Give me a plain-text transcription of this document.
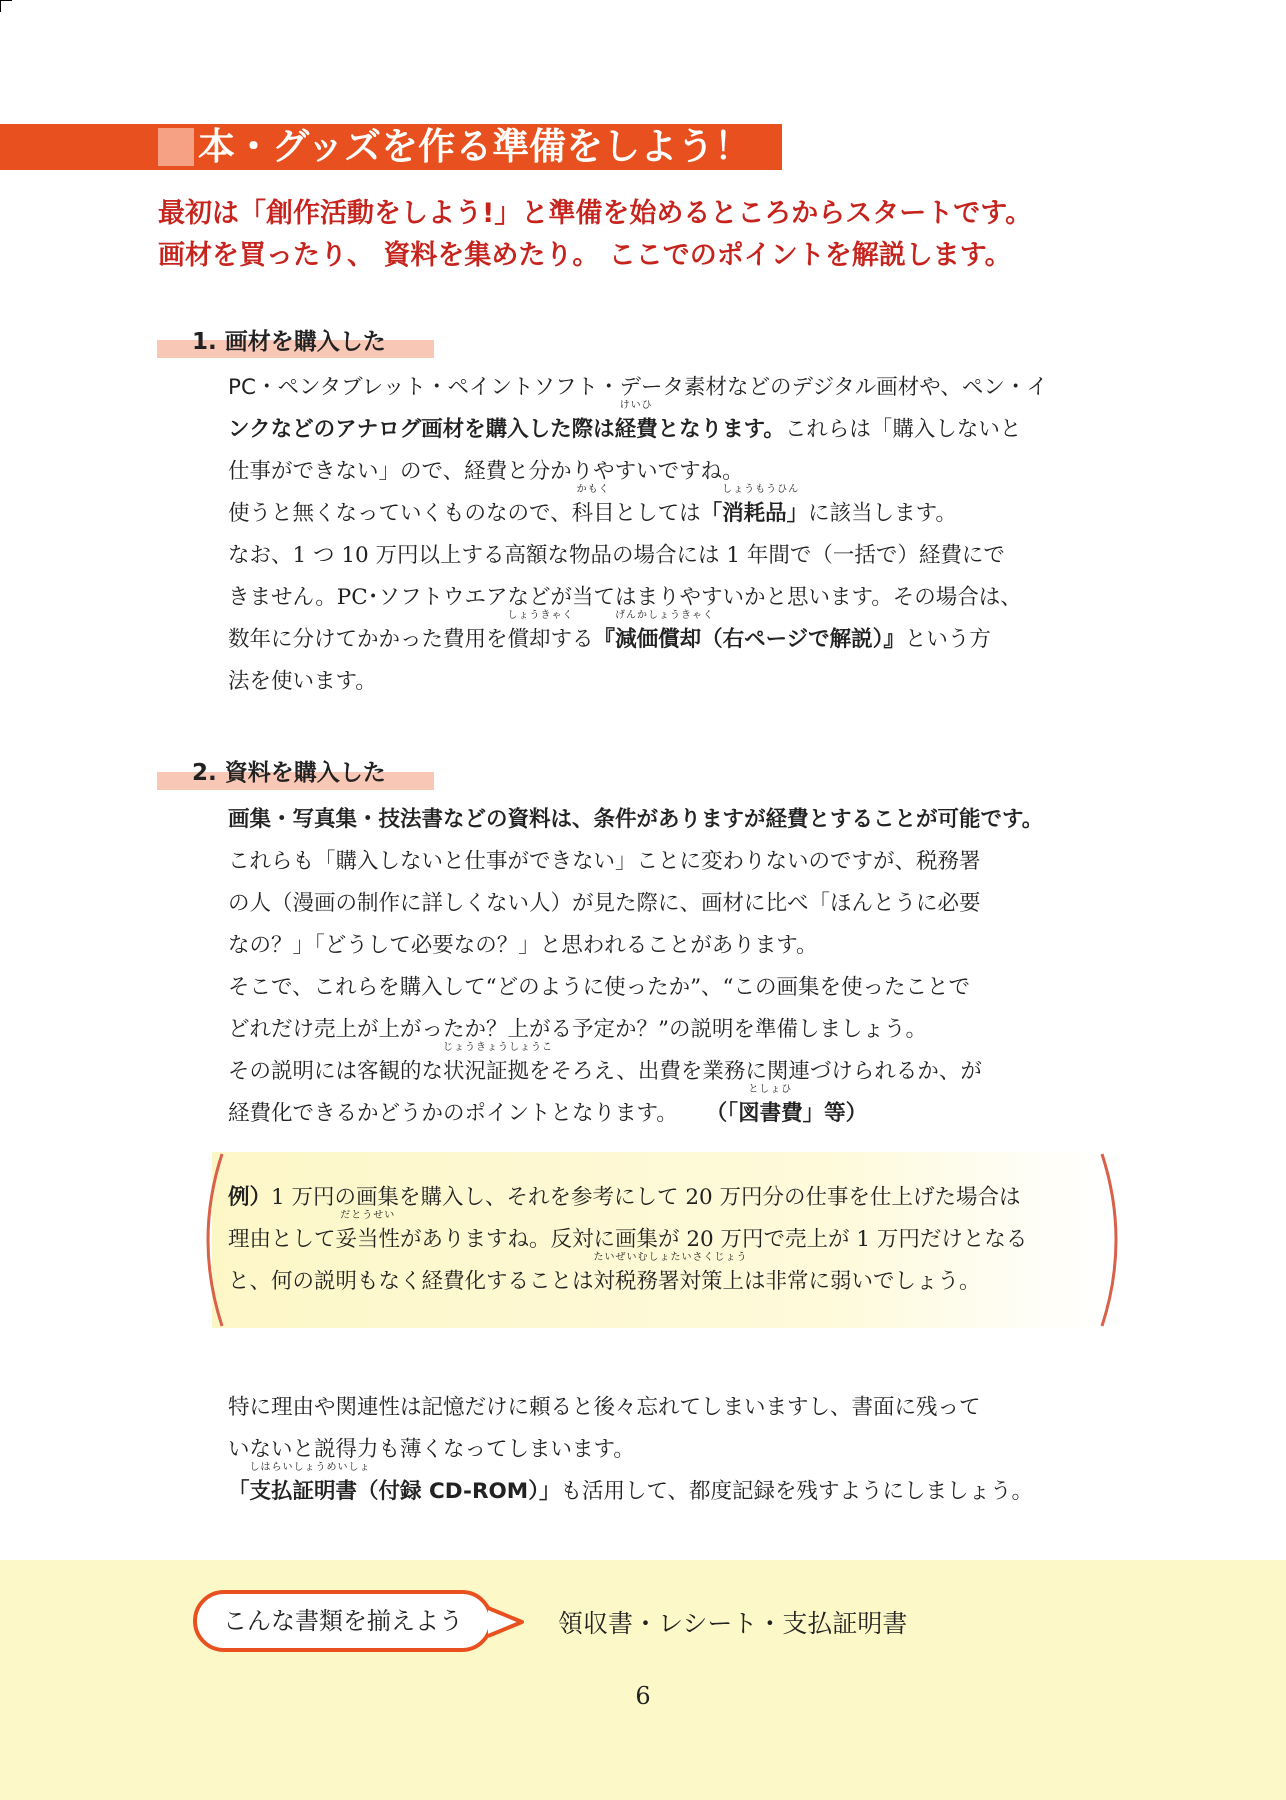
本・グッズを作る準備をしよう！
最初は「創作活動をしよう!」と準備を始めるところからスタートです。
画材を買ったり、 資料を集めたり。 ここでのポイントを解説します。
1. 画材を購入した
PC・ペンタブレット・ペイントソフト・データ素材などのデジタル画材や、ペン・イ
ンクなどのアナログ画材を購入した際は
けいひ
経費となります。これらは「購入しないと
仕事ができない」ので、経費と分かりやすいですね。
使うと無くなっていくものなので、
かもく
科目としては「
しょうもうひん
消耗品」に該当します。
なお、1 つ 10 万円以上する高額な物品の場合には 1 年間で（一括で）経費にで
きません。PC･ソフトウエアなどが当てはまりやすいかと思います。その場合は、
数年に分けてかかった費用を
しょうきゃく
償却する『
げんかしょうきゃく
減価償却（右ページで解説）』という方
法を使います。
2. 資料を購入した
画集・写真集・技法書などの資料は、条件がありますが経費とすることが可能です。
これらも「購入しないと仕事ができない」ことに変わりないのですが、税務署
の人（漫画の制作に詳しくない人）が見た際に、画材に比べ「ほんとうに必要
なの？」「どうして必要なの？」と思われることがあります。
そこで、これらを購入して“どのように使ったか”、“この画集を使ったことで
どれだけ売上が上がったか？上がる予定か？”の説明を準備しましょう。
その説明には客観的な
じょうきょうしょうこ
状況証拠をそろえ、出費を業務に関連づけられるか、が
経費化できるかどうかのポイントとなります。 （「
としょひ
図書費」等）
例）1 万円の画集を購入し、それを参考にして 20 万円分の仕事を仕上げた場合は
理由として
だとうせい
妥当性がありますね。反対に画集が 20 万円で売上が 1 万円だけとなる
と、何の説明もなく経費化することは
たいぜいむしょたいさくじょう
対税務署対策上は非常に弱いでしょう。
特に理由や関連性は記憶だけに頼ると後々忘れてしまいますし、書面に残って
いないと説得力も薄くなってしまいます。
「
しはらいしょうめいしょ
支払証明書（付録 CD-ROM）」も活用して、都度記録を残すようにしましょう。
こんな書類を揃えよう	領収書・レシート・支払証明書
6
